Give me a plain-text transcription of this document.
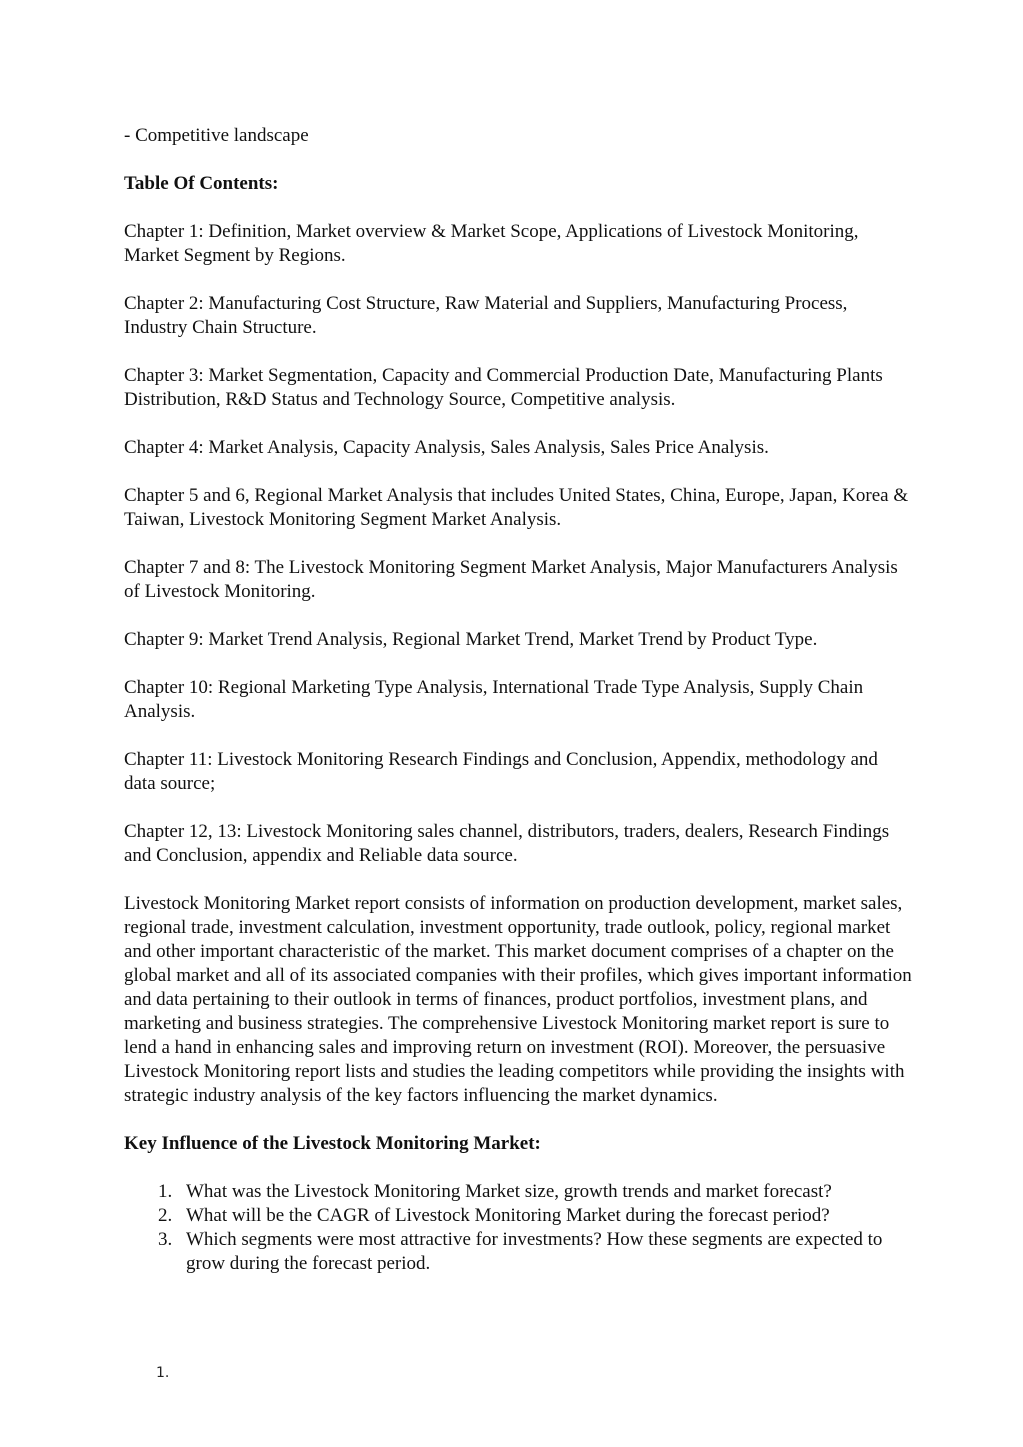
- Competitive landscape

Table Of Contents:

Chapter 1: Definition, Market overview & Market Scope, Applications of Livestock Monitoring, Market Segment by Regions.

Chapter 2: Manufacturing Cost Structure, Raw Material and Suppliers, Manufacturing Process, Industry Chain Structure.

Chapter 3: Market Segmentation, Capacity and Commercial Production Date, Manufacturing Plants Distribution, R&D Status and Technology Source, Competitive analysis.

Chapter 4: Market Analysis, Capacity Analysis, Sales Analysis, Sales Price Analysis.

Chapter 5 and 6, Regional Market Analysis that includes United States, China, Europe, Japan, Korea & Taiwan, Livestock Monitoring Segment Market Analysis.

Chapter 7 and 8: The Livestock Monitoring Segment Market Analysis, Major Manufacturers Analysis of Livestock Monitoring.

Chapter 9: Market Trend Analysis, Regional Market Trend, Market Trend by Product Type.

Chapter 10: Regional Marketing Type Analysis, International Trade Type Analysis, Supply Chain Analysis.

Chapter 11: Livestock Monitoring Research Findings and Conclusion, Appendix, methodology and data source;

Chapter 12, 13: Livestock Monitoring sales channel, distributors, traders, dealers, Research Findings and Conclusion, appendix and Reliable data source.

Livestock Monitoring Market report consists of information on production development, market sales, regional trade, investment calculation, investment opportunity, trade outlook, policy, regional market and other important characteristic of the market. This market document comprises of a chapter on the global market and all of its associated companies with their profiles, which gives important information and data pertaining to their outlook in terms of finances, product portfolios, investment plans, and marketing and business strategies. The comprehensive Livestock Monitoring market report is sure to lend a hand in enhancing sales and improving return on investment (ROI). Moreover, the persuasive Livestock Monitoring report lists and studies the leading competitors while providing the insights with strategic industry analysis of the key factors influencing the market dynamics.

Key Influence of the Livestock Monitoring Market:

1. What was the Livestock Monitoring Market size, growth trends and market forecast?
2. What will be the CAGR of Livestock Monitoring Market during the forecast period?
3. Which segments were most attractive for investments? How these segments are expected to grow during the forecast period.
1.
